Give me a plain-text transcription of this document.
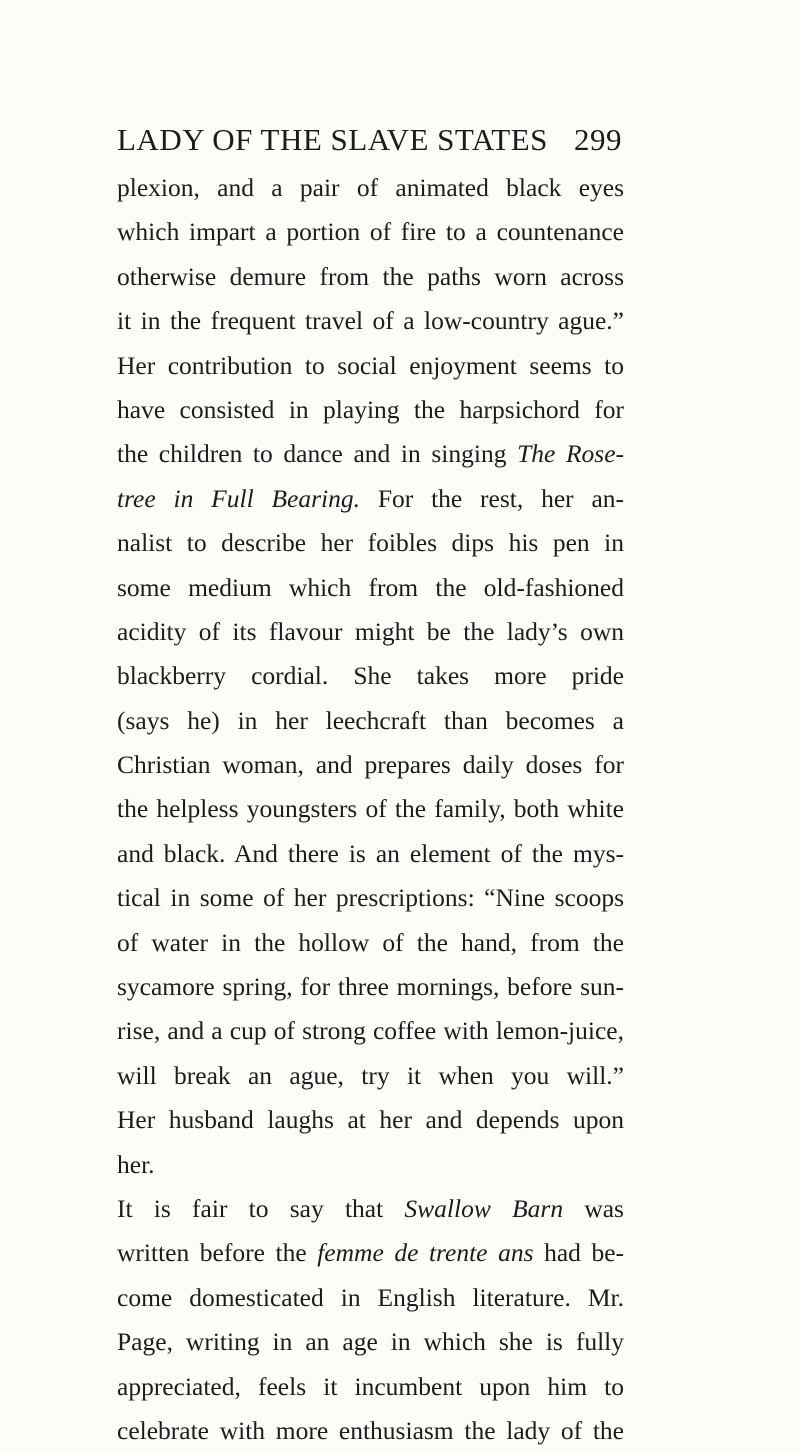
LADY OF THE SLAVE STATES 299
plexion, and a pair of animated black eyes
which impart a portion of fire to a countenance
otherwise demure from the paths worn across
it in the frequent travel of a low-country ague.”
Her contribution to social enjoyment seems to
have consisted in playing the harpsichord for
the children to dance and in singing The Rose-
tree in Full Bearing. For the rest, her an-
nalist to describe her foibles dips his pen in
some medium which from the old-fashioned
acidity of its flavour might be the lady’s own
blackberry cordial. She takes more pride
(says he) in her leechcraft than becomes a
Christian woman, and prepares daily doses for
the helpless youngsters of the family, both white
and black. And there is an element of the mys-
tical in some of her prescriptions: “Nine scoops
of water in the hollow of the hand, from the
sycamore spring, for three mornings, before sun-
rise, and a cup of strong coffee with lemon-juice,
will break an ague, try it when you will.”
Her husband laughs at her and depends upon
her.
It is fair to say that Swallow Barn was
written before the femme de trente ans had be-
come domesticated in English literature. Mr.
Page, writing in an age in which she is fully
appreciated, feels it incumbent upon him to
celebrate with more enthusiasm the lady of the
